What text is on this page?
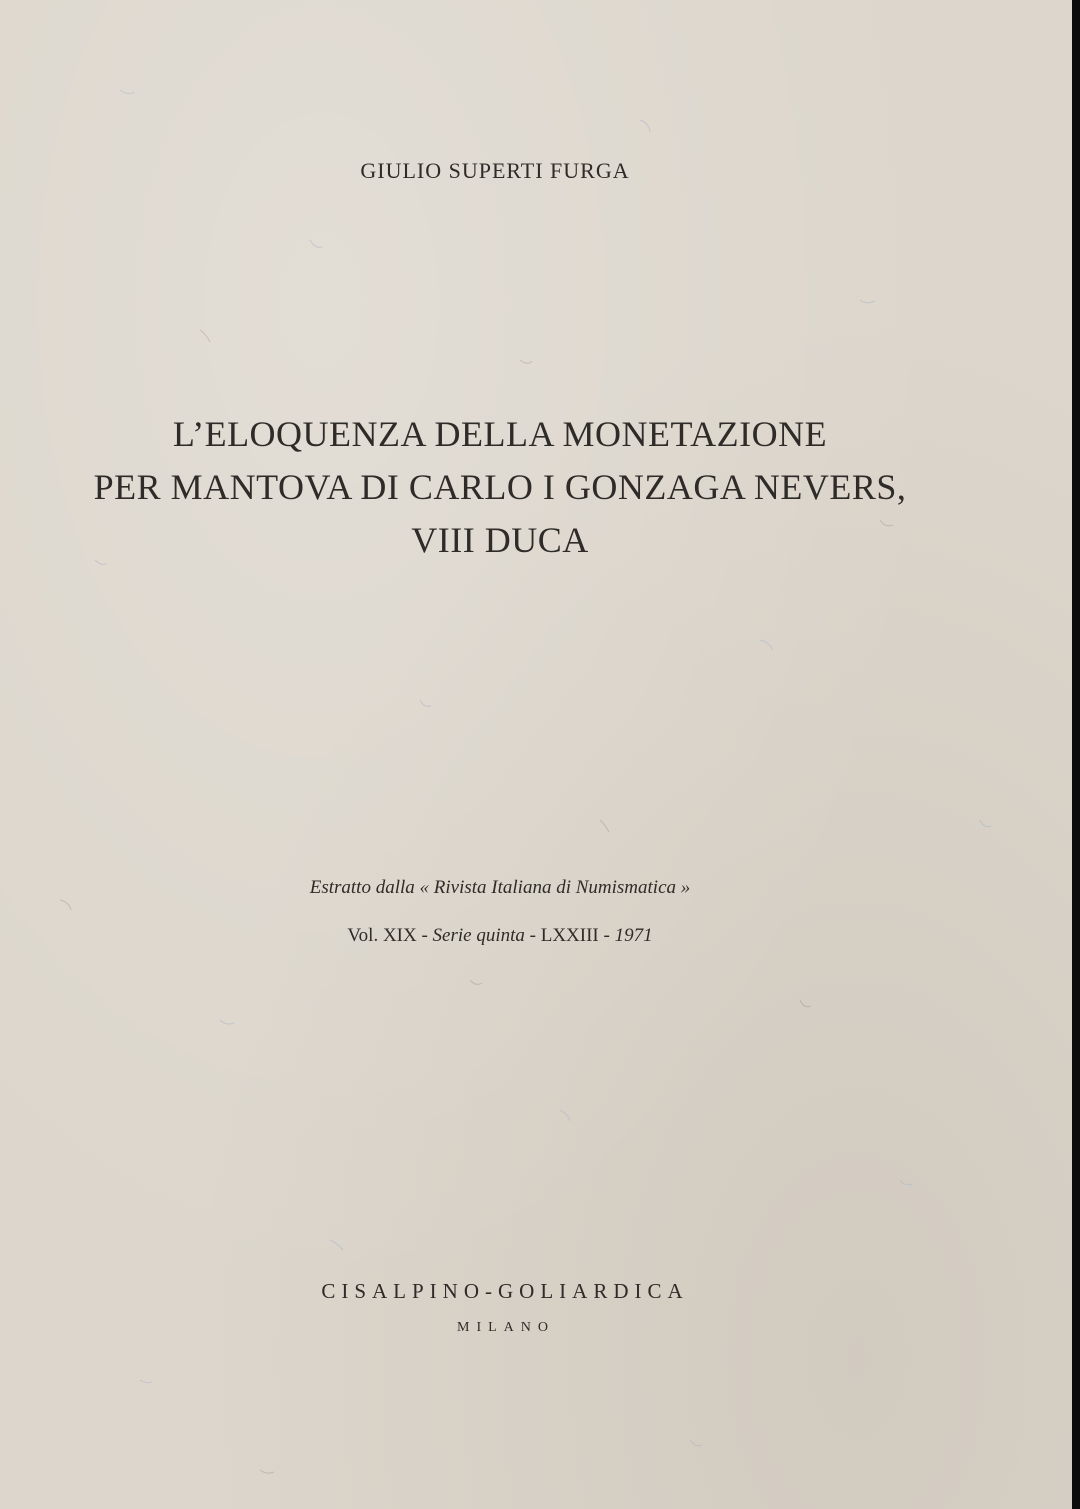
GIULIO SUPERTI FURGA
L’ELOQUENZA DELLA MONETAZIONE
PER MANTOVA DI CARLO I GONZAGA NEVERS,
VIII DUCA
Estratto dalla « Rivista Italiana di Numismatica »
Vol. XIX - Serie quinta - LXXIII - 1971
CISALPINO-GOLIARDICA
MILANO
